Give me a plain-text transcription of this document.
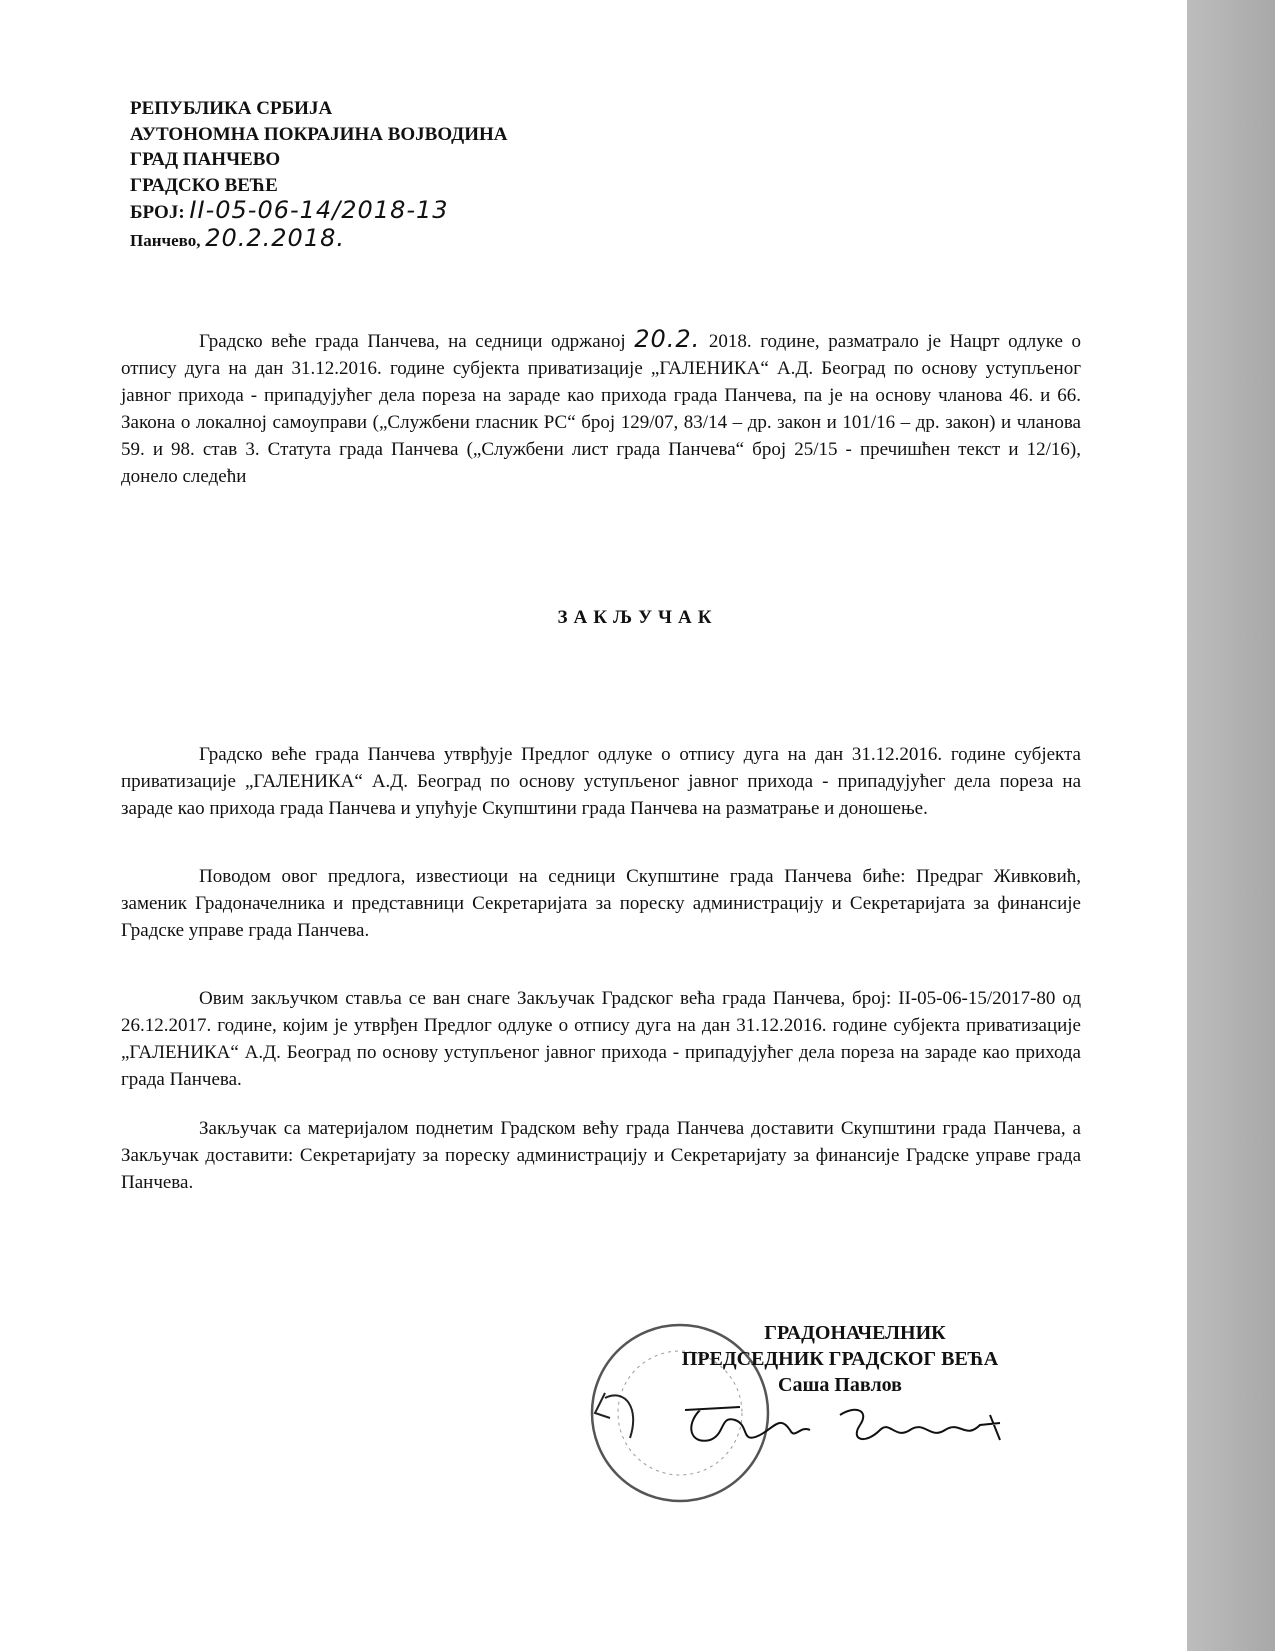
РЕПУБЛИКА СРБИЈА
АУТОНОМНА ПОКРАЈИНА ВОЈВОДИНА
ГРАД ПАНЧЕВО
ГРАДСКО ВЕЋЕ
БРОЈ: II-05-06-14/2018-13
Панчево, 20.2.2018.

Градско веће града Панчева, на седници одржаној 20.2. 2018. године, разматрало је Нацрт одлуке о отпису дуга на дан 31.12.2016. године субјекта приватизације „ГАЛЕНИКА“ А.Д. Београд по основу уступљеног јавног прихода - припадујућег дела пореза на зараде као прихода града Панчева, па је на основу чланова 46. и 66. Закона о локалној самоуправи („Службени гласник РС“ број 129/07, 83/14 – др. закон и 101/16 – др. закон) и чланова 59. и 98. став 3. Статута града Панчева („Службени лист града Панчева“ број 25/15 - пречишћен текст и 12/16), донело следећи

ЗАКЉУЧАК

Градско веће града Панчева утврђује Предлог одлуке о отпису дуга на дан 31.12.2016. године субјекта приватизације „ГАЛЕНИКА“ А.Д. Београд по основу уступљеног јавног прихода - припадујућег дела пореза на зараде као прихода града Панчева и упућује Скупштини града Панчева на разматрање и доношење.

Поводом овог предлога, известиоци на седници Скупштине града Панчева биће: Предраг Живковић, заменик Градоначелника и представници Секретаријата за пореску администрацију и Секретаријата за финансије Градске управе града Панчева.

Овим закључком ставља се ван снаге Закључак Градског већа града Панчева, број: II-05-06-15/2017-80 од 26.12.2017. године, којим је утврђен Предлог одлуке о отпису дуга на дан 31.12.2016. године субјекта приватизације „ГАЛЕНИКА“ А.Д. Београд по основу уступљеног јавног прихода - припадујућег дела пореза на зараде као прихода града Панчева.

Закључак са материјалом поднетим Градском већу града Панчева доставити Скупштини града Панчева, а Закључак доставити: Секретаријату за пореску администрацију и Секретаријату за финансије Градске управе града Панчева.

ГРАДОНАЧЕЛНИК
ПРЕДСЕДНИК ГРАДСКОГ ВЕЋА
Саша Павлов
